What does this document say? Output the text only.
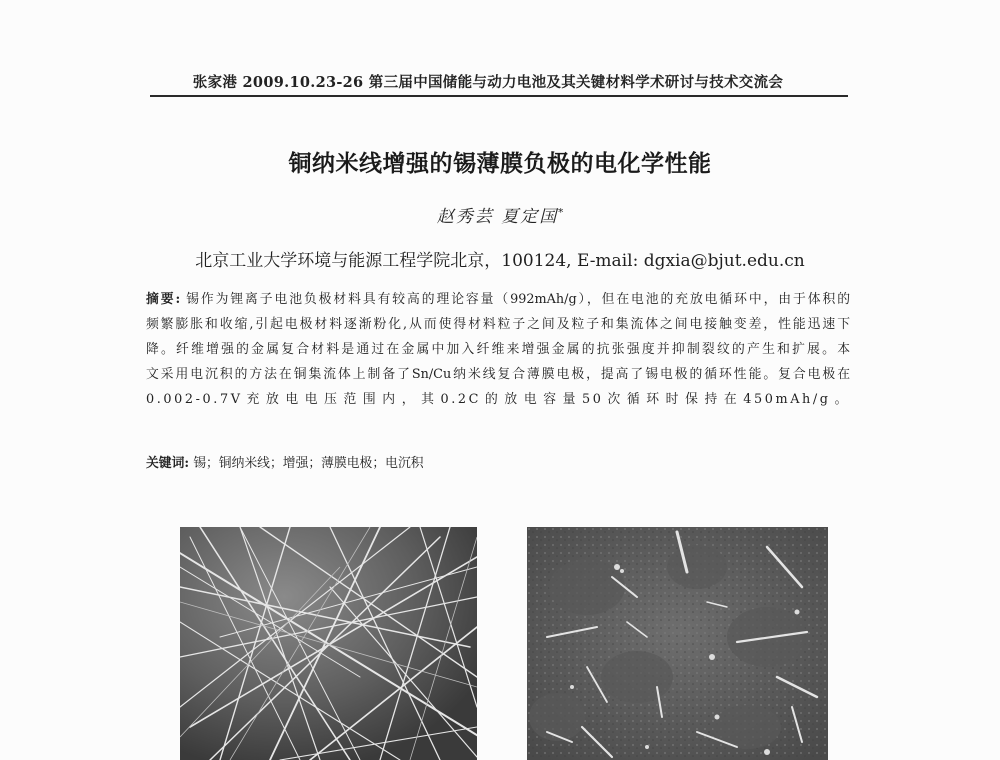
张家港 2009.10.23-26 第三届中国储能与动力电池及其关键材料学术研讨与技术交流会
铜纳米线增强的锡薄膜负极的电化学性能
赵秀芸 夏定国*
北京工业大学环境与能源工程学院北京，100124, E-mail: dgxia@bjut.edu.cn
摘要: 锡作为锂离子电池负极材料具有较高的理论容量（992mAh/g），但在电池的充放电循环中，由于体积的
频繁膨胀和收缩,引起电极材料逐渐粉化,从而使得材料粒子之间及粒子和集流体之间电接触变差，性能迅速下
降。纤维增强的金属复合材料是通过在金属中加入纤维来增强金属的抗张强度并抑制裂纹的产生和扩展。本
文采用电沉积的方法在铜集流体上制备了Sn/Cu纳米线复合薄膜电极，提高了锡电极的循环性能。复合电极在
0.002-0.7V充放电电压范围内，其0.2C的放电容量50次循环时保持在450mAh/g。
关键词: 锡；铜纳米线；增强；薄膜电极；电沉积
